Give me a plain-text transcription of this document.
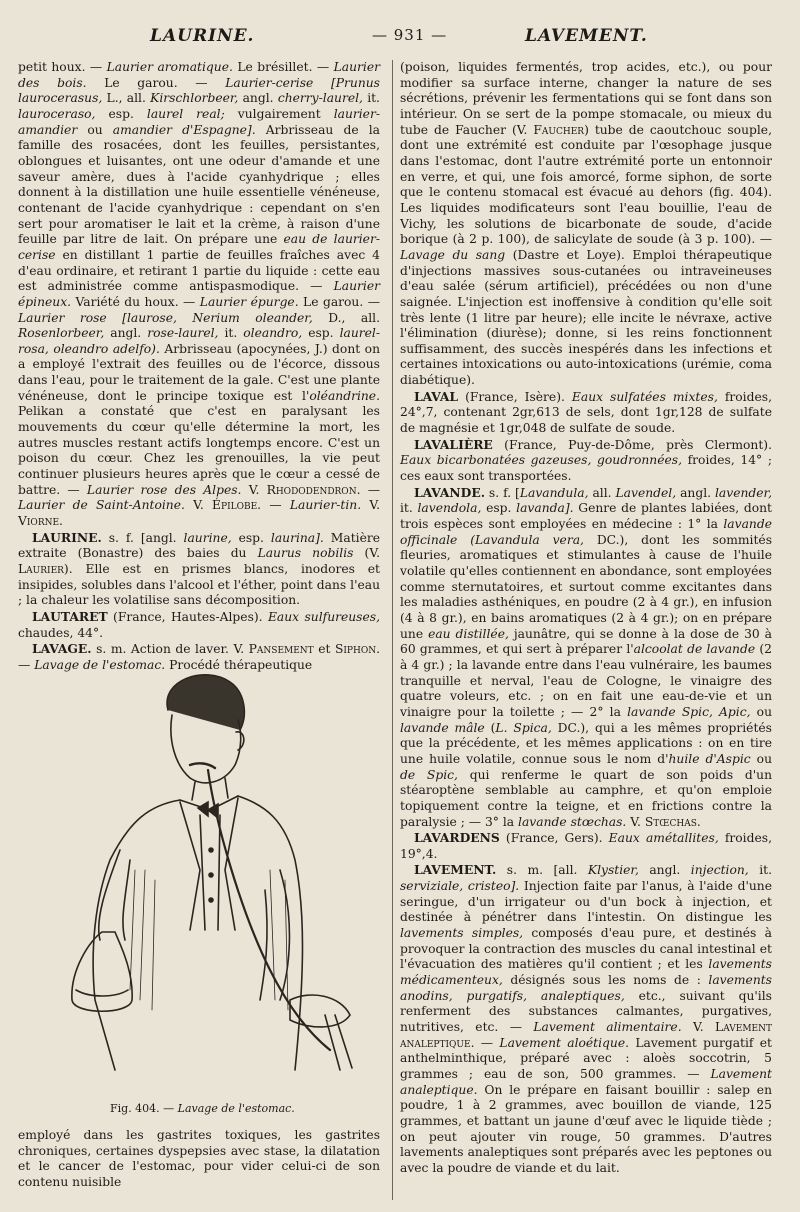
LAURINE.	— 931 —	LAVEMENT.

petit houx. — Laurier aromatique. Le brésillet. — Laurier des bois. Le garou. — Laurier-cerise [Prunus laurocerasus, L., all. Kirschlorbeer, angl. cherry-laurel, it. lauroceraso, esp. laurel real; vulgairement laurier-amandier ou amandier d'Espagne]. Arbrisseau de la famille des rosacées, dont les feuilles, persistantes, oblongues et luisantes, ont une odeur d'amande et une saveur amère, dues à l'acide cyanhydrique ; elles donnent à la distillation une huile essentielle vénéneuse, contenant de l'acide cyanhydrique : cependant on s'en sert pour aromatiser le lait et la crème, à raison d'une feuille par litre de lait. On prépare une eau de laurier-cerise en distillant 1 partie de feuilles fraîches avec 4 d'eau ordinaire, et retirant 1 partie du liquide : cette eau est administrée comme antispasmodique. — Laurier épineux. Variété du houx. — Laurier épurge. Le garou. — Laurier rose [laurose, Nerium oleander, D., all. Rosenlorbeer, angl. rose-laurel, it. oleandro, esp. laurel-rosa, oleandro adelfo). Arbrisseau (apocynées, J.) dont on a employé l'extrait des feuilles ou de l'écorce, dissous dans l'eau, pour le traitement de la gale. C'est une plante vénéneuse, dont le principe toxique est l'oléandrine. Pelikan a constaté que c'est en paralysant les mouvements du cœur qu'elle détermine la mort, les autres muscles restant actifs longtemps encore. C'est un poison du cœur. Chez les grenouilles, la vie peut continuer plusieurs heures après que le cœur a cessé de battre. — Laurier rose des Alpes. V. Rhododendron. — Laurier de Saint-Antoine. V. Épilobe. — Laurier-tin. V. Viorne.

LAURINE. s. f. [angl. laurine, esp. laurina]. Matière extraite (Bonastre) des baies du Laurus nobilis (V. Laurier). Elle est en prismes blancs, inodores et insipides, solubles dans l'alcool et l'éther, point dans l'eau ; la chaleur les volatilise sans décomposition.

LAUTARET (France, Hautes-Alpes). Eaux sulfureuses, chaudes, 44°.

LAVAGE. s. m. Action de laver. V. Pansement et Siphon. — Lavage de l'estomac. Procédé thérapeutique

Fig. 404. — Lavage de l'estomac.

employé dans les gastrites toxiques, les gastrites chroniques, certaines dyspepsies avec stase, la dilatation et le cancer de l'estomac, pour vider celui-ci de son contenu nuisible

(poison, liquides fermentés, trop acides, etc.), ou pour modifier sa surface interne, changer la nature de ses sécrétions, prévenir les fermentations qui se font dans son intérieur. On se sert de la pompe stomacale, ou mieux du tube de Faucher (V. Faucher) tube de caoutchouc souple, dont une extrémité est conduite par l'œsophage jusque dans l'estomac, dont l'autre extrémité porte un entonnoir en verre, et qui, une fois amorcé, forme siphon, de sorte que le contenu stomacal est évacué au dehors (fig. 404). Les liquides modificateurs sont l'eau bouillie, l'eau de Vichy, les solutions de bicarbonate de soude, d'acide borique (à 2 p. 100), de salicylate de soude (à 3 p. 100). — Lavage du sang (Dastre et Loye). Emploi thérapeutique d'injections massives sous-cutanées ou intraveineuses d'eau salée (sérum artificiel), précédées ou non d'une saignée. L'injection est inoffensive à condition qu'elle soit très lente (1 litre par heure); elle incite le névraxe, active l'élimination (diurèse); donne, si les reins fonctionnent suffisamment, des succès inespérés dans les infections et certaines intoxications ou auto-intoxications (urémie, coma diabétique).

LAVAL (France, Isère). Eaux sulfatées mixtes, froides, 24°,7, contenant 2gr,613 de sels, dont 1gr,128 de sulfate de magnésie et 1gr,048 de sulfate de soude.

LAVALIÈRE (France, Puy-de-Dôme, près Clermont). Eaux bicarbonatées gazeuses, goudronnées, froides, 14° ; ces eaux sont transportées.

LAVANDE. s. f. [Lavandula, all. Lavendel, angl. lavender, it. lavendola, esp. lavanda]. Genre de plantes labiées, dont trois espèces sont employées en médecine : 1° la lavande officinale (Lavandula vera, DC.), dont les sommités fleuries, aromatiques et stimulantes à cause de l'huile volatile qu'elles contiennent en abondance, sont employées comme sternutatoires, et surtout comme excitantes dans les maladies asthéniques, en poudre (2 à 4 gr.), en infusion (4 à 8 gr.), en bains aromatiques (2 à 4 gr.); on en prépare une eau distillée, jaunâtre, qui se donne à la dose de 30 à 60 grammes, et qui sert à préparer l'alcoolat de lavande (2 à 4 gr.) ; la lavande entre dans l'eau vulnéraire, les baumes tranquille et nerval, l'eau de Cologne, le vinaigre des quatre voleurs, etc. ; on en fait une eau-de-vie et un vinaigre pour la toilette ; — 2° la lavande Spic, Apic, ou lavande mâle (L. Spica, DC.), qui a les mêmes propriétés que la précédente, et les mêmes applications : on en tire une huile volatile, connue sous le nom d'huile d'Aspic ou de Spic, qui renferme le quart de son poids d'un stéaroptène semblable au camphre, et qu'on emploie topiquement contre la teigne, et en frictions contre la paralysie ; — 3° la lavande stœchas. V. Stœchas.

LAVARDENS (France, Gers). Eaux amétallites, froides, 19°,4.

LAVEMENT. s. m. [all. Klystier, angl. injection, it. serviziale, cristeo]. Injection faite par l'anus, à l'aide d'une seringue, d'un irrigateur ou d'un bock à injection, et destinée à pénétrer dans l'intestin. On distingue les lavements simples, composés d'eau pure, et destinés à provoquer la contraction des muscles du canal intestinal et l'évacuation des matières qu'il contient ; et les lavements médicamenteux, désignés sous les noms de : lavements anodins, purgatifs, analeptiques, etc., suivant qu'ils renferment des substances calmantes, purgatives, nutritives, etc. — Lavement alimentaire. V. Lavement analeptique. — Lavement aloétique. Lavement purgatif et anthelminthique, préparé avec : aloès soccotrin, 5 grammes ; eau de son, 500 grammes. — Lavement analeptique. On le prépare en faisant bouillir : salep en poudre, 1 à 2 grammes, avec bouillon de viande, 125 grammes, et battant un jaune d'œuf avec le liquide tiède ; on peut ajouter vin rouge, 50 grammes. D'autres lavements analeptiques sont préparés avec les peptones ou avec la poudre de viande et du lait.
